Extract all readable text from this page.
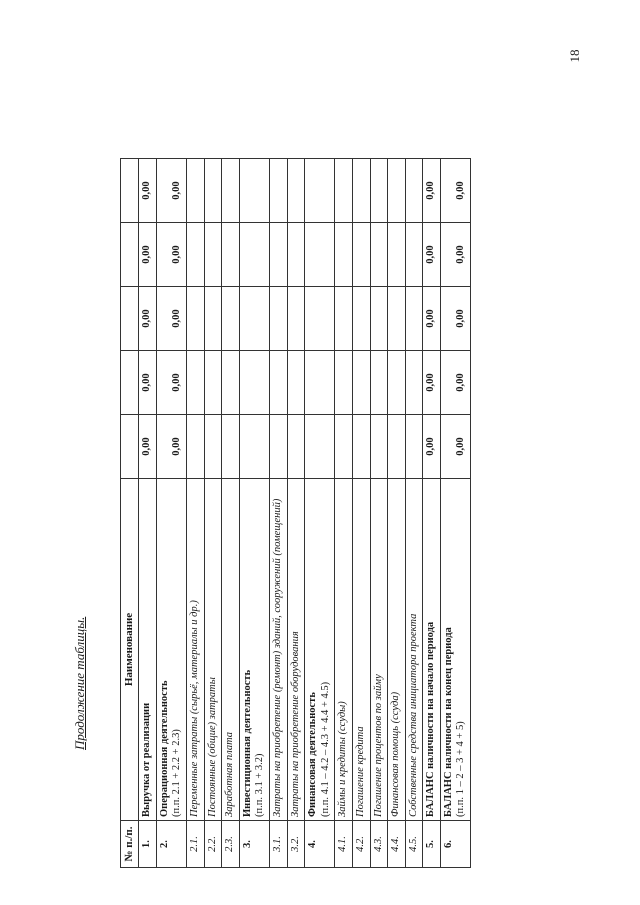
18
Продолжение таблицы.
№ п./п.	Наименование					
1.	Выручка от реализации	0,00	0,00	0,00	0,00	0,00
2.	Операционная деятельность (п.п. 2.1 + 2.2 + 2.3)	0,00	0,00	0,00	0,00	0,00
2.1.	Переменные затраты (сырьё, материалы и др.)					

2.2.	Постоянные (общие) затраты					

2.3.	Заработная плата					

3.	Инвестиционная деятельность (п.п. 3.1 + 3.2)					

3.1.	Затраты на приобретение (ремонт) зданий, сооружений (помещений)					

3.2.	Затраты на приобретение оборудования					

4.	Финансовая деятельность (п.п. 4.1 – 4.2 – 4.3 + 4.4 + 4.5)					

4.1.	Займы и кредиты (ссуды)					

4.2.	Погашение кредита					

4.3.	Погашение процентов по займу					

4.4.	Финансовая помощь (ссуда)					

4.5.	Собственные средства инициатора проекта					

5.	БАЛАНС наличности на начало периода	0,00	0,00	0,00	0,00	0,00
6.	БАЛАНС наличности на конец периода (п.п. 1 – 2 – 3 + 4 + 5)	0,00	0,00	0,00	0,00	0,00
